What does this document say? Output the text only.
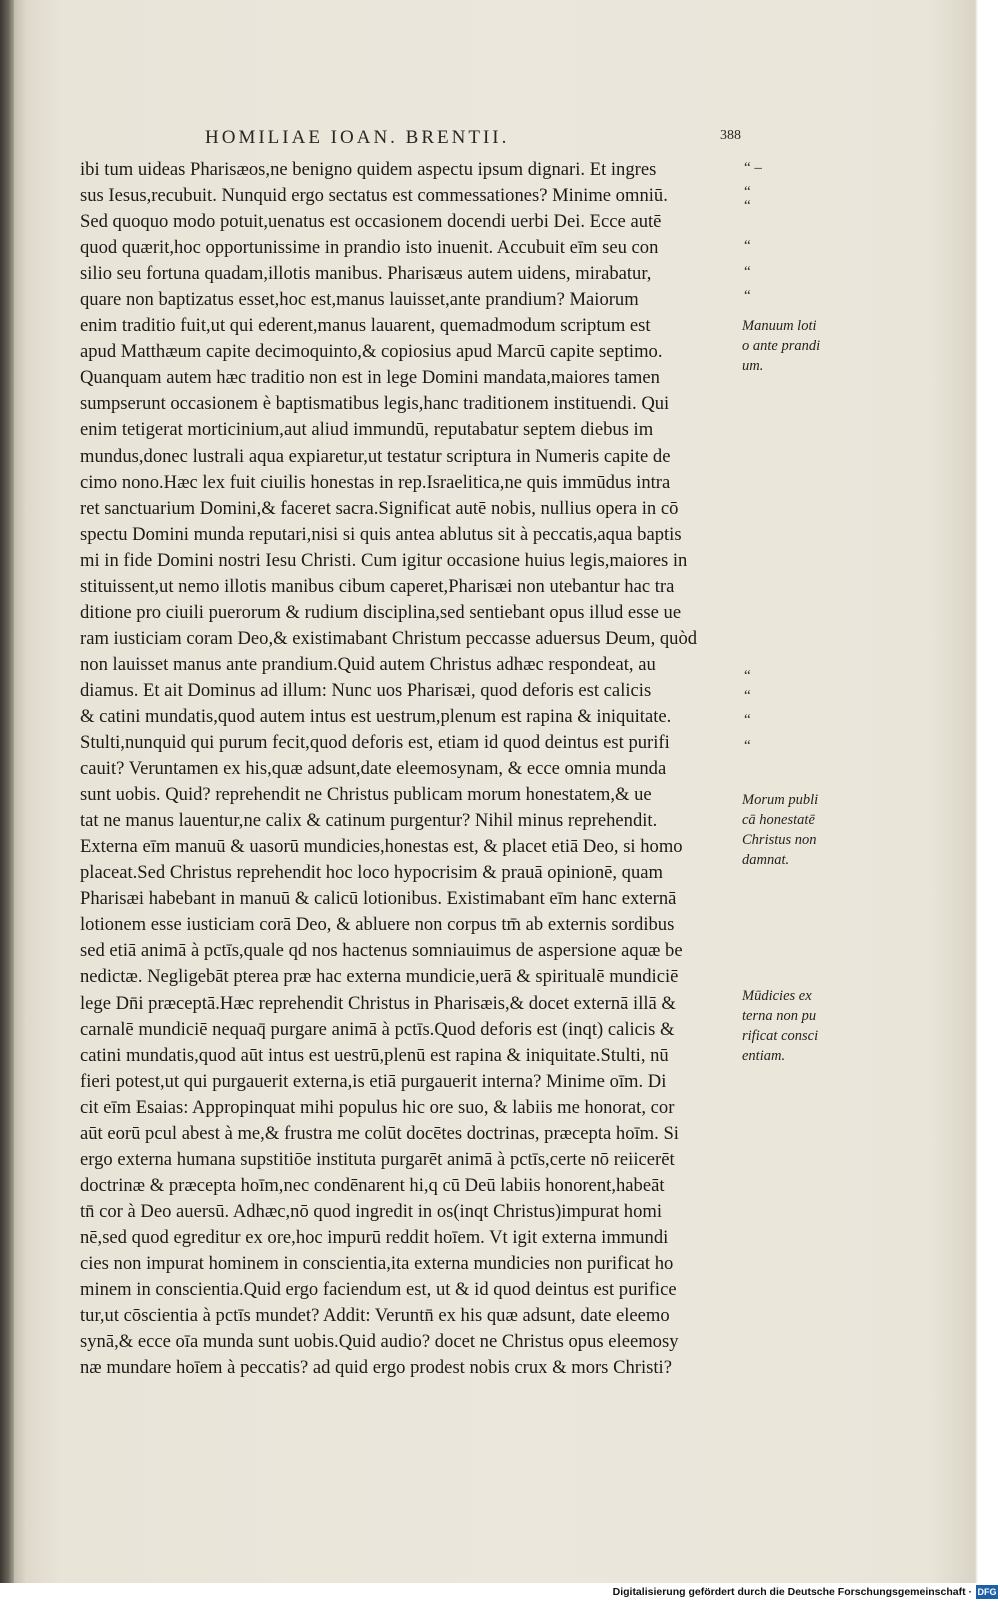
HOMILIAE IOAN. BRENTII.	388
ibi tum uideas Pharisæos,ne benigno quidem aspectu ipsum dignari. Et ingres
sus Iesus,recubuit. Nunquid ergo sectatus est commessationes? Minime omniū.
Sed quoquo modo potuit,uenatus est occasionem docendi uerbi Dei. Ecce autē
quod quærit,hoc opportunissime in prandio isto inuenit. Accubuit eīm seu con
silio seu fortuna quadam,illotis manibus. Pharisæus autem uidens, mirabatur,
quare non baptizatus esset,hoc est,manus lauisset,ante prandium? Maiorum
enim traditio fuit,ut qui ederent,manus lauarent, quemadmodum scriptum est
apud Matthæum capite decimoquinto,& copiosius apud Marcū capite septimo.
Quanquam autem hæc traditio non est in lege Domini mandata,maiores tamen
sumpserunt occasionem è baptismatibus legis,hanc traditionem instituendi. Qui
enim tetigerat morticinium,aut aliud immundū, reputabatur septem diebus im
mundus,donec lustrali aqua expiaretur,ut testatur scriptura in Numeris capite de
cimo nono.Hæc lex fuit ciuilis honestas in rep.Israelitica,ne quis immūdus intra
ret sanctuarium Domini,& faceret sacra.Significat autē nobis, nullius opera in cō
spectu Domini munda reputari,nisi si quis antea ablutus sit à peccatis,aqua baptis
mi in fide Domini nostri Iesu Christi. Cum igitur occasione huius legis,maiores in
stituissent,ut nemo illotis manibus cibum caperet,Pharisæi non utebantur hac tra
ditione pro ciuili puerorum & rudium disciplina,sed sentiebant opus illud esse ue
ram iusticiam coram Deo,& existimabant Christum peccasse aduersus Deum, quòd
non lauisset manus ante prandium.Quid autem Christus adhæc respondeat, au
diamus. Et ait Dominus ad illum: Nunc uos Pharisæi, quod deforis est calicis
& catini mundatis,quod autem intus est uestrum,plenum est rapina & iniquitate.
Stulti,nunquid qui purum fecit,quod deforis est, etiam id quod deintus est purifi
cauit? Veruntamen ex his,quæ adsunt,date eleemosynam, & ecce omnia munda
sunt uobis. Quid? reprehendit ne Christus publicam morum honestatem,& ue
tat ne manus lauentur,ne calix & catinum purgentur? Nihil minus reprehendit.
Externa eīm manuū & uasorū mundicies,honestas est, & placet etiā Deo, si homo
placeat.Sed Christus reprehendit hoc loco hypocrisim & prauā opinionē, quam
Pharisæi habebant in manuū & calicū lotionibus. Existimabant eīm hanc externā
lotionem esse iusticiam corā Deo, & abluere non corpus tm̄ ab externis sordibus
sed etiā animā à pctīs,quale qd nos hactenus somniauimus de aspersione aquæ be
nedictæ. Negligebāt pterea præ hac externa mundicie,uerā & spiritualē mundiciē
lege Dn̄i præceptā.Hæc reprehendit Christus in Pharisæis,& docet externā illā &
carnalē mundiciē nequaq̄ purgare animā à pctīs.Quod deforis est (inqt) calicis &
catini mundatis,quod aūt intus est uestrū,plenū est rapina & iniquitate.Stulti, nū
fieri potest,ut qui purgauerit externa,is etiā purgauerit interna? Minime oīm. Di
cit eīm Esaias: Appropinquat mihi populus hic ore suo, & labiis me honorat, cor
aūt eorū pcul abest à me,& frustra me colūt docētes doctrinas, præcepta hoīm. Si
ergo externa humana supstitiōe instituta purgarēt animā à pctīs,certe nō reiicerēt
doctrinæ & præcepta hoīm,nec condēnarent hi,q cū Deū labiis honorent,habeāt
tn̄ cor à Deo auersū. Adhæc,nō quod ingredit in os(inqt Christus)impurat homi
nē,sed quod egreditur ex ore,hoc impurū reddit hoīem. Vt igit externa immundi
cies non impurat hominem in conscientia,ita externa mundicies non purificat ho
minem in conscientia.Quid ergo faciendum est, ut & id quod deintus est purifice
tur,ut cōscientia à pctīs mundet? Addit: Veruntn̄ ex his quæ adsunt, date eleemo
synā,& ecce oīa munda sunt uobis.Quid audio? docet ne Christus opus eleemosy
næ mundare hoīem à peccatis? ad quid ergo prodest nobis crux & mors Christi?
“ –
“
“
“
“
“
“
“
“
“
Manuum loti
o ante prandi
um.
Morum publi
cā honestatē
Christus non
damnat.
Mūdicies ex
terna non pu
rificat consci
entiam.
Digitalisierung gefördert durch die Deutsche Forschungsgemeinschaft · DFG
